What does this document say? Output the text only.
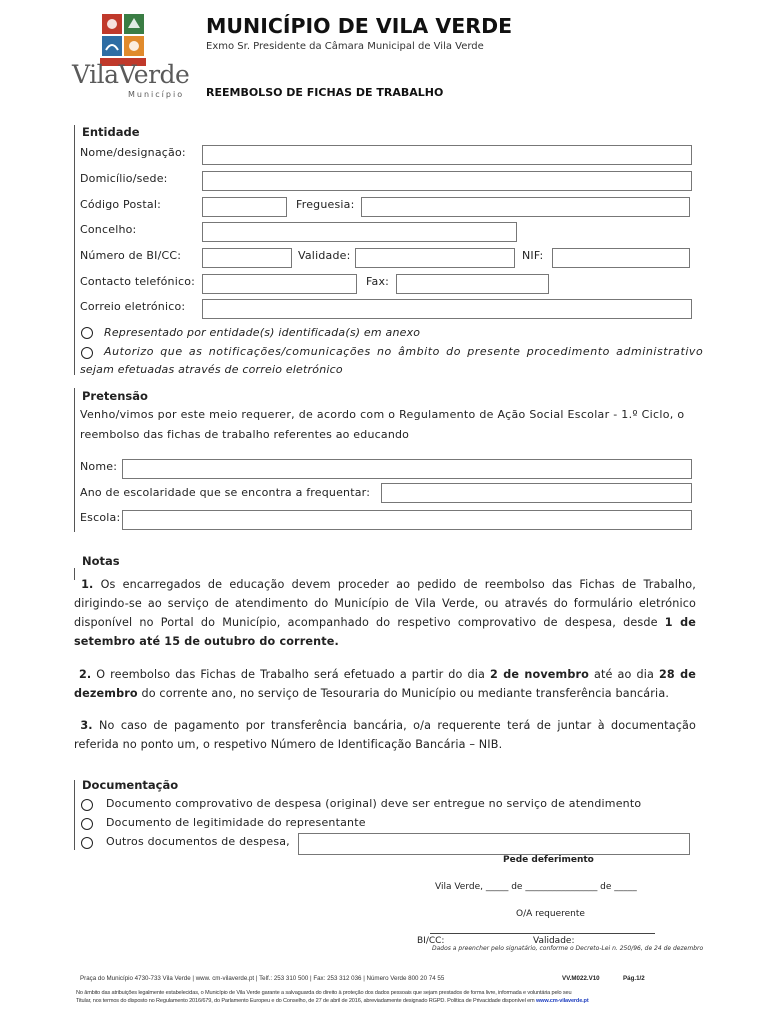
VilaVerde
Município
MUNICÍPIO DE VILA VERDE
Exmo Sr. Presidente da Câmara Municipal de Vila Verde
REEMBOLSO DE FICHAS DE TRABALHO
Entidade
Nome/designação:
Domicílio/sede:
Código Postal:	Freguesia:
Concelho:
Número de BI/CC:	Validade:	NIF:
Contacto telefónico:	Fax:
Correio eletrónico:
Representado por entidade(s) identificada(s) em anexo
Autorizo que as notificações/comunicações no âmbito do presente procedimento administrativo
sejam efetuadas através de correio eletrónico
Pretensão
Venho/vimos por este meio requerer, de acordo com o Regulamento de Ação Social Escolar - 1.º Ciclo, o
reembolso das fichas de trabalho referentes ao educando
Nome:
Ano de escolaridade que se encontra a frequentar:
Escola:
Notas
1. Os encarregados de educação devem proceder ao pedido de reembolso das Fichas de Trabalho, dirigindo-se ao serviço de atendimento do Município de Vila Verde, ou através do formulário eletrónico disponível no Portal do Município, acompanhado do respetivo comprovativo de despesa, desde 1 de setembro até 15 de outubro do corrente.
2. O reembolso das Fichas de Trabalho será efetuado a partir do dia 2 de novembro até ao dia 28 de dezembro do corrente ano, no serviço de Tesouraria do Município ou mediante transferência bancária.
3. No caso de pagamento por transferência bancária, o/a requerente terá de juntar à documentação referida no ponto um, o respetivo Número de Identificação Bancária – NIB.
Documentação
Documento comprovativo de despesa (original) deve ser entregue no serviço de atendimento
Documento de legitimidade do representante
Outros documentos de despesa,
Pede deferimento
Vila Verde, _____ de ________________ de _____
O/A requerente
BI/CC:	Validade:
Dados a preencher pelo signatário, conforme o Decreto-Lei n. 250/96, de 24 de dezembro
Praça do Município 4730-733 Vila Verde | www. cm-vilaverde.pt | Telf.: 253 310 500 | Fax: 253 312 036 | Número Verde 800 20 74 55	VV.M022.V10	Pág.1/2
No âmbito das atribuições legalmente estabelecidas, o Município de Vila Verde garante a salvaguarda do direito à proteção dos dados pessoais que sejam prestados de forma livre, informada e voluntária pelo seu
Titular, nos termos do disposto no Regulamento 2016/679, do Parlamento Europeu e do Conselho, de 27 de abril de 2016, abreviadamente designado RGPD. Política de Privacidade disponível em www.cm-vilaverde.pt
